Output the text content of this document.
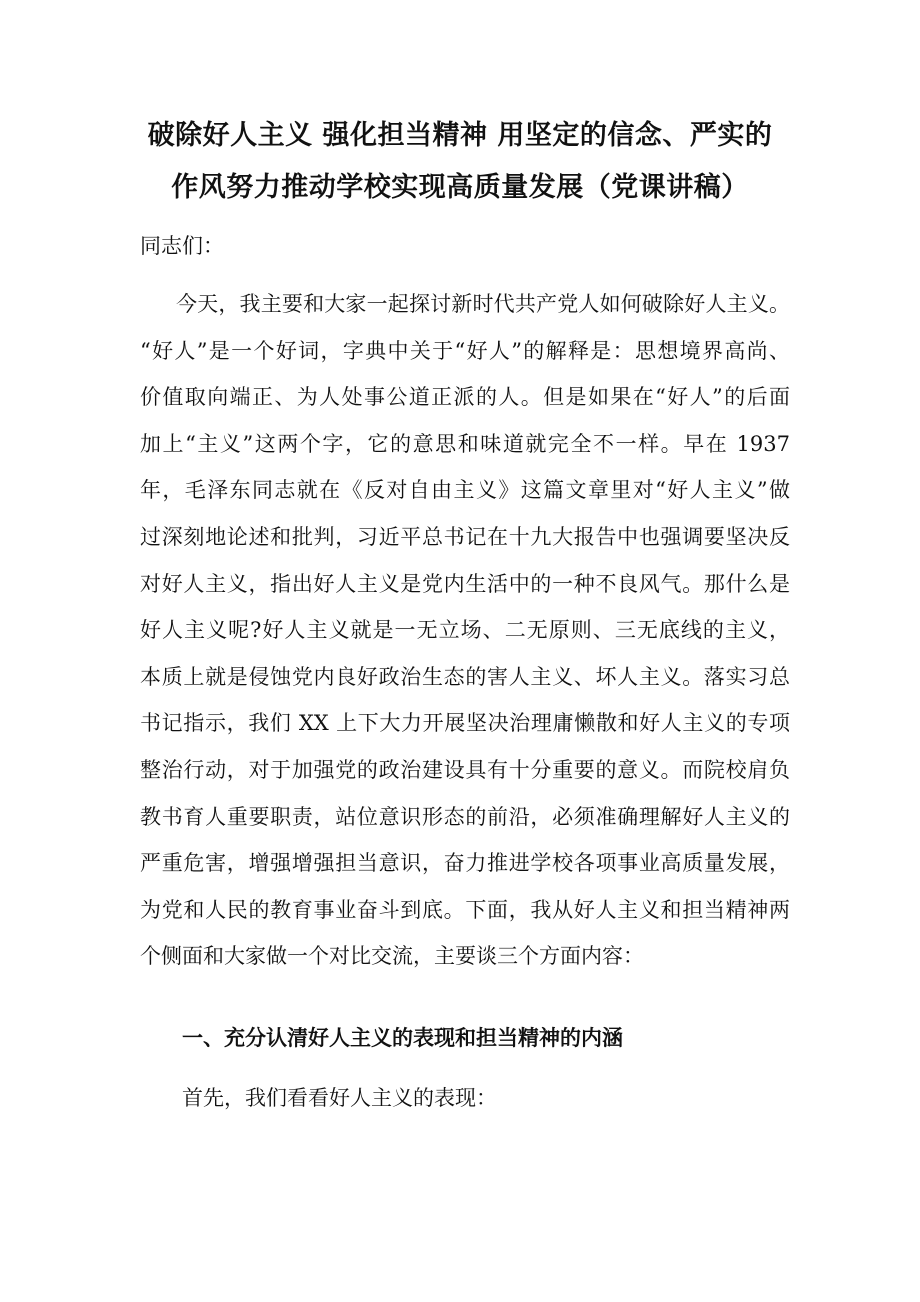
破除好人主义 强化担当精神 用坚定的信念、严实的
作风努力推动学校实现高质量发展（党课讲稿）

同志们：

今天，我主要和大家一起探讨新时代共产党人如何破除好人主义。
“好人”是一个好词，字典中关于“好人”的解释是：思想境界高尚、
价值取向端正、为人处事公道正派的人。但是如果在“好人”的后面
加上“主义”这两个字，它的意思和味道就完全不一样。早在 1937
年，毛泽东同志就在《反对自由主义》这篇文章里对“好人主义”做
过深刻地论述和批判，习近平总书记在十九大报告中也强调要坚决反
对好人主义，指出好人主义是党内生活中的一种不良风气。那什么是
好人主义呢?好人主义就是一无立场、二无原则、三无底线的主义，
本质上就是侵蚀党内良好政治生态的害人主义、坏人主义。落实习总
书记指示，我们 XX 上下大力开展坚决治理庸懒散和好人主义的专项
整治行动，对于加强党的政治建设具有十分重要的意义。而院校肩负
教书育人重要职责，站位意识形态的前沿，必须准确理解好人主义的
严重危害，增强增强担当意识，奋力推进学校各项事业高质量发展，
为党和人民的教育事业奋斗到底。下面，我从好人主义和担当精神两
个侧面和大家做一个对比交流，主要谈三个方面内容：

一、充分认清好人主义的表现和担当精神的内涵

首先，我们看看好人主义的表现：
